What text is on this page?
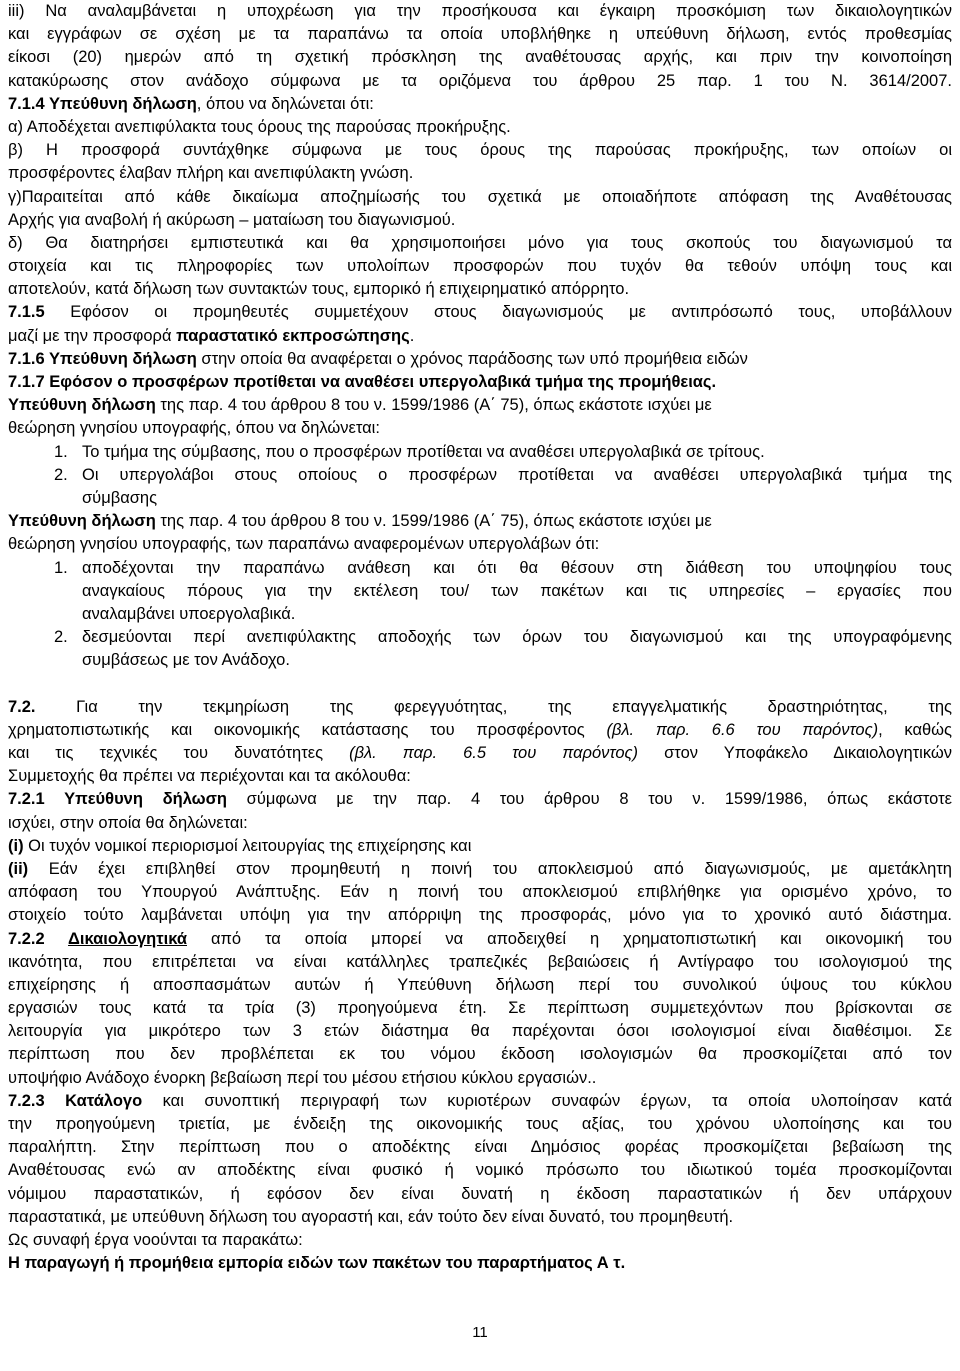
iii) Να αναλαμβάνεται η υποχρέωση για την προσήκουσα και έγκαιρη προσκόμιση των δικαιολογητικών
και εγγράφων σε σχέση με τα παραπάνω τα οποία υποβλήθηκε η υπεύθυνη δήλωση, εντός προθεσμίας
είκοσι (20) ημερών από τη σχετική πρόσκληση της αναθέτουσας αρχής, και πριν την κοινοποίηση
κατακύρωσης στον ανάδοχο σύμφωνα με τα οριζόμενα του άρθρου 25 παρ. 1 του Ν. 3614/2007.
7.1.4 Υπεύθυνη δήλωση, όπου να δηλώνεται ότι:
α) Αποδέχεται ανεπιφύλακτα τους όρους της παρούσας προκήρυξης.
β) Η προσφορά συντάχθηκε σύμφωνα με τους όρους της παρούσας προκήρυξης, των οποίων οι
προσφέροντες έλαβαν πλήρη και ανεπιφύλακτη γνώση.
γ)Παραιτείται από κάθε δικαίωμα αποζημίωσής του σχετικά με οποιαδήποτε απόφαση της Αναθέτουσας
Αρχής για αναβολή ή ακύρωση – ματαίωση του διαγωνισμού.
δ) Θα διατηρήσει εμπιστευτικά και θα χρησιμοποιήσει μόνο για τους σκοπούς του διαγωνισμού τα
στοιχεία και τις πληροφορίες των υπολοίπων προσφορών που τυχόν θα τεθούν υπόψη τους και
αποτελούν, κατά δήλωση των συντακτών τους, εμπορικό ή επιχειρηματικό απόρρητο.
7.1.5 Εφόσον οι προμηθευτές συμμετέχουν στους διαγωνισμούς με αντιπρόσωπό τους, υποβάλλουν
μαζί με την προσφορά παραστατικό εκπροσώπησης.
7.1.6 Υπεύθυνη δήλωση στην οποία θα αναφέρεται ο χρόνος παράδοσης των υπό προμήθεια ειδών
7.1.7 Εφόσον ο προσφέρων προτίθεται να αναθέσει υπεργολαβικά τμήμα της προμήθειας.
Υπεύθυνη δήλωση της παρ. 4 του άρθρου 8 του ν. 1599/1986 (Α΄ 75), όπως εκάστοτε ισχύει με
θεώρηση γνησίου υπογραφής, όπου να δηλώνεται:
1. Το τμήμα της σύμβασης, που ο προσφέρων προτίθεται να αναθέσει υπεργολαβικά σε τρίτους.
2. Οι υπεργολάβοι στους οποίους ο προσφέρων προτίθεται να αναθέσει υπεργολαβικά τμήμα της
σύμβασης
Υπεύθυνη δήλωση της παρ. 4 του άρθρου 8 του ν. 1599/1986 (Α΄ 75), όπως εκάστοτε ισχύει με
θεώρηση γνησίου υπογραφής, των παραπάνω αναφερομένων υπεργολάβων ότι:
1. αποδέχονται την παραπάνω ανάθεση και ότι θα θέσουν στη διάθεση του υποψηφίου τους
αναγκαίους πόρους για την εκτέλεση του/ των πακέτων και τις υπηρεσίες – εργασίες που
αναλαμβάνει υποεργολαβικά.
2. δεσμεύονται περί ανεπιφύλακτης αποδοχής των όρων του διαγωνισμού και της υπογραφόμενης
συμβάσεως με τον Ανάδοχο.
7.2. Για την τεκμηρίωση της φερεγγυότητας, της επαγγελματικής δραστηριότητας, της
χρηματοπιστωτικής και οικονομικής κατάστασης του προσφέροντος (βλ. παρ. 6.6 του παρόντος), καθώς
και τις τεχνικές του δυνατότητες (βλ. παρ. 6.5 του παρόντος) στον Υποφάκελο Δικαιολογητικών
Συμμετοχής θα πρέπει να περιέχονται και τα ακόλουθα:
7.2.1 Υπεύθυνη δήλωση σύμφωνα με την παρ. 4 του άρθρου 8 του ν. 1599/1986, όπως εκάστοτε
ισχύει, στην οποία θα δηλώνεται:
(i) Οι τυχόν νομικοί περιορισμοί λειτουργίας της επιχείρησης και
(ii) Εάν έχει επιβληθεί στον προμηθευτή η ποινή του αποκλεισμού από διαγωνισμούς, με αμετάκλητη
απόφαση του Υπουργού Ανάπτυξης. Εάν η ποινή του αποκλεισμού επιβλήθηκε για ορισμένο χρόνο, το
στοιχείο τούτο λαμβάνεται υπόψη για την απόρριψη της προσφοράς, μόνο για το χρονικό αυτό διάστημα.
7.2.2 Δικαιολογητικά από τα οποία μπορεί να αποδειχθεί η χρηματοπιστωτική και οικονομική του
ικανότητα, που επιτρέπεται να είναι κατάλληλες τραπεζικές βεβαιώσεις ή Αντίγραφο του ισολογισμού της
επιχείρησης ή αποσπασμάτων αυτών ή Υπεύθυνη δήλωση περί του συνολικού ύψους του κύκλου
εργασιών τους κατά τα τρία (3) προηγούμενα έτη. Σε περίπτωση συμμετεχόντων που βρίσκονται σε
λειτουργία για μικρότερο των 3 ετών διάστημα θα παρέχονται όσοι ισολογισμοί είναι διαθέσιμοι. Σε
περίπτωση που δεν προβλέπεται εκ του νόμου έκδοση ισολογισμών θα προσκομίζεται από τον
υποψήφιο Ανάδοχο ένορκη βεβαίωση περί του μέσου ετήσιου κύκλου εργασιών..
7.2.3 Κατάλογο και συνοπτική περιγραφή των κυριοτέρων συναφών έργων, τα οποία υλοποίησαν κατά
την προηγούμενη τριετία, με ένδειξη της οικονομικής τους αξίας, του χρόνου υλοποίησης και του
παραλήπτη. Στην περίπτωση που ο αποδέκτης είναι Δημόσιος φορέας προσκομίζεται βεβαίωση της
Αναθέτουσας ενώ αν αποδέκτης είναι φυσικό ή νομικό πρόσωπο του ιδιωτικού τομέα προσκομίζονται
νόμιμου παραστατικών, ή εφόσον δεν είναι δυνατή η έκδοση παραστατικών ή δεν υπάρχουν
παραστατικά, με υπεύθυνη δήλωση του αγοραστή και, εάν τούτο δεν είναι δυνατό, του προμηθευτή.
Ως συναφή έργα νοούνται τα παρακάτω:
Η παραγωγή ή προμήθεια εμπορία ειδών των πακέτων του παραρτήματος Α τ.
11
